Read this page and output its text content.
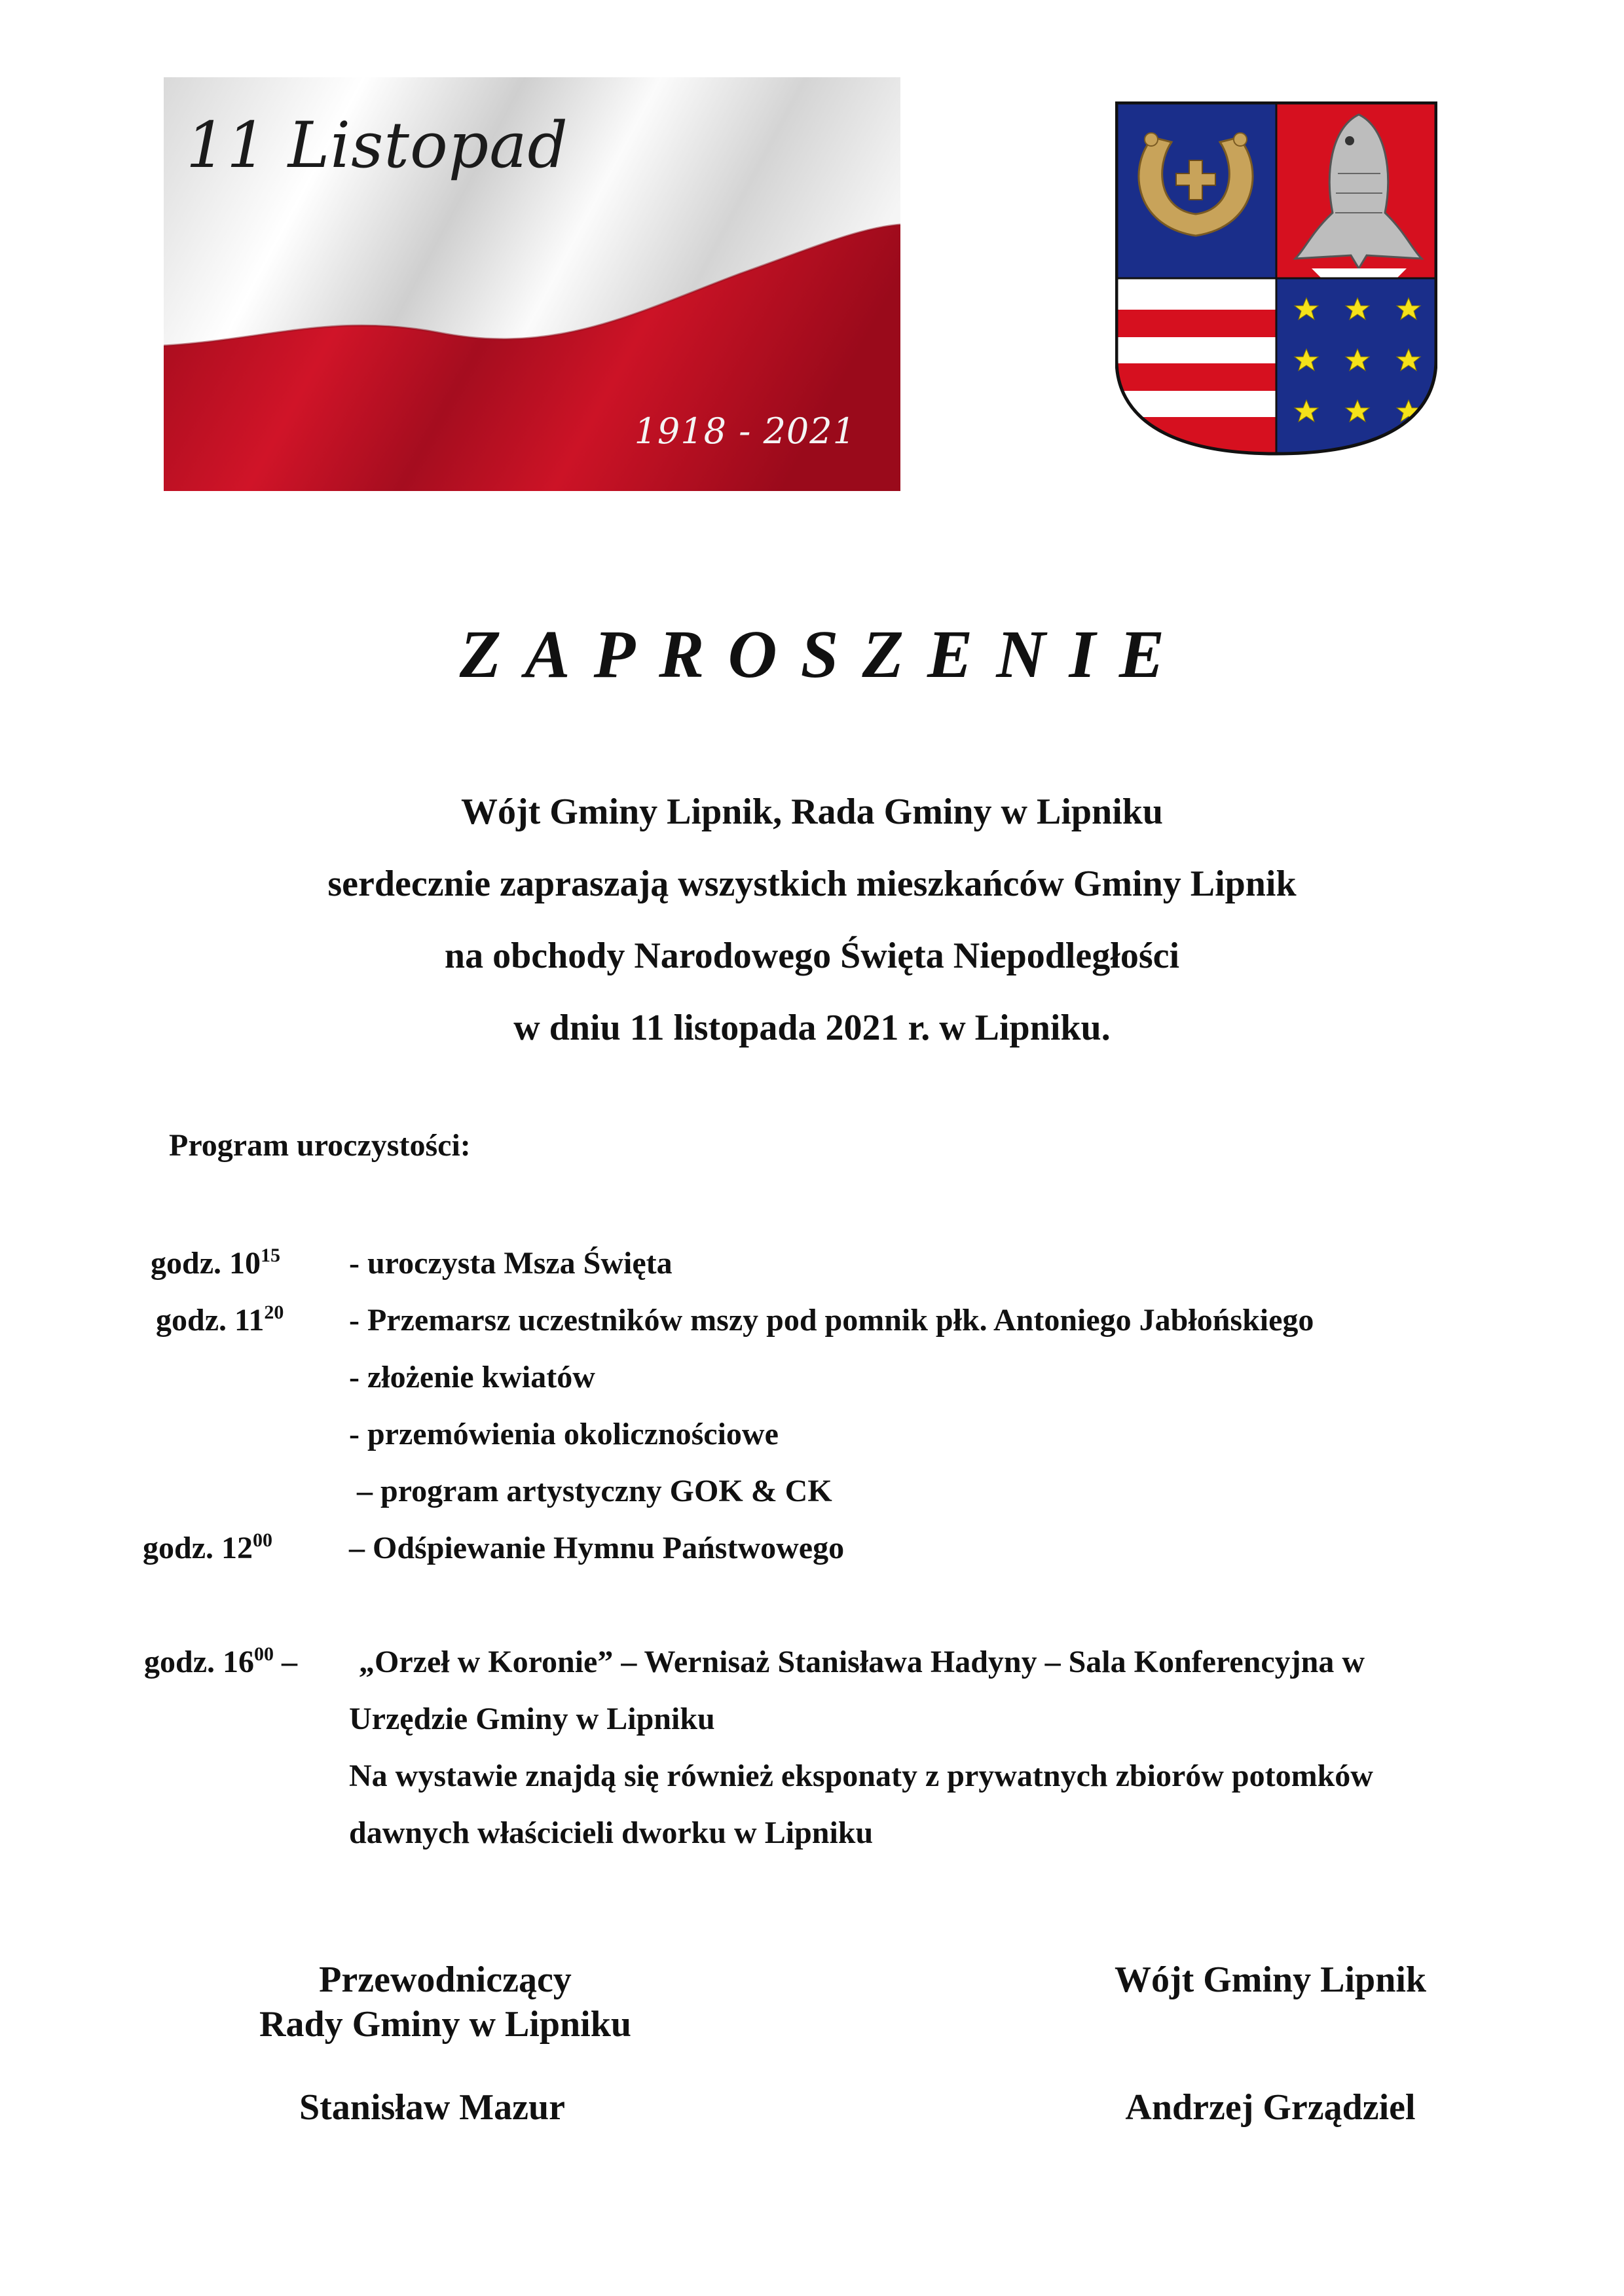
11 Listopad
1918 - 2021
ZAPROSZENIE
Wójt Gminy Lipnik, Rada Gminy w Lipniku
serdecznie zapraszają wszystkich mieszkańców Gminy Lipnik
na obchody Narodowego Święta Niepodległości
w dniu 11 listopada 2021 r. w Lipniku.
Program uroczystości:
godz. $10^{15}$ - uroczysta Msza Święta
godz. $11^{20}$ - Przemarsz uczestników mszy pod pomnik płk. Antoniego Jabłońskiego
- złożenie kwiatów
- przemówienia okolicznościowe
– program artystyczny GOK & CK
godz. $12^{00}$ – Odśpiewanie Hymnu Państwowego
godz. $16^{00}$ – „Orzeł w Koronie” – Wernisaż Stanisława Hadyny – Sala Konferencyjna w
Urzędzie Gminy w Lipniku
Na wystawie znajdą się również eksponaty z prywatnych zbiorów potomków
dawnych właścicieli dworku w Lipniku
Przewodniczący
Rady Gminy w Lipniku
Stanisław Mazur
Wójt Gminy Lipnik
Andrzej Grządziel
